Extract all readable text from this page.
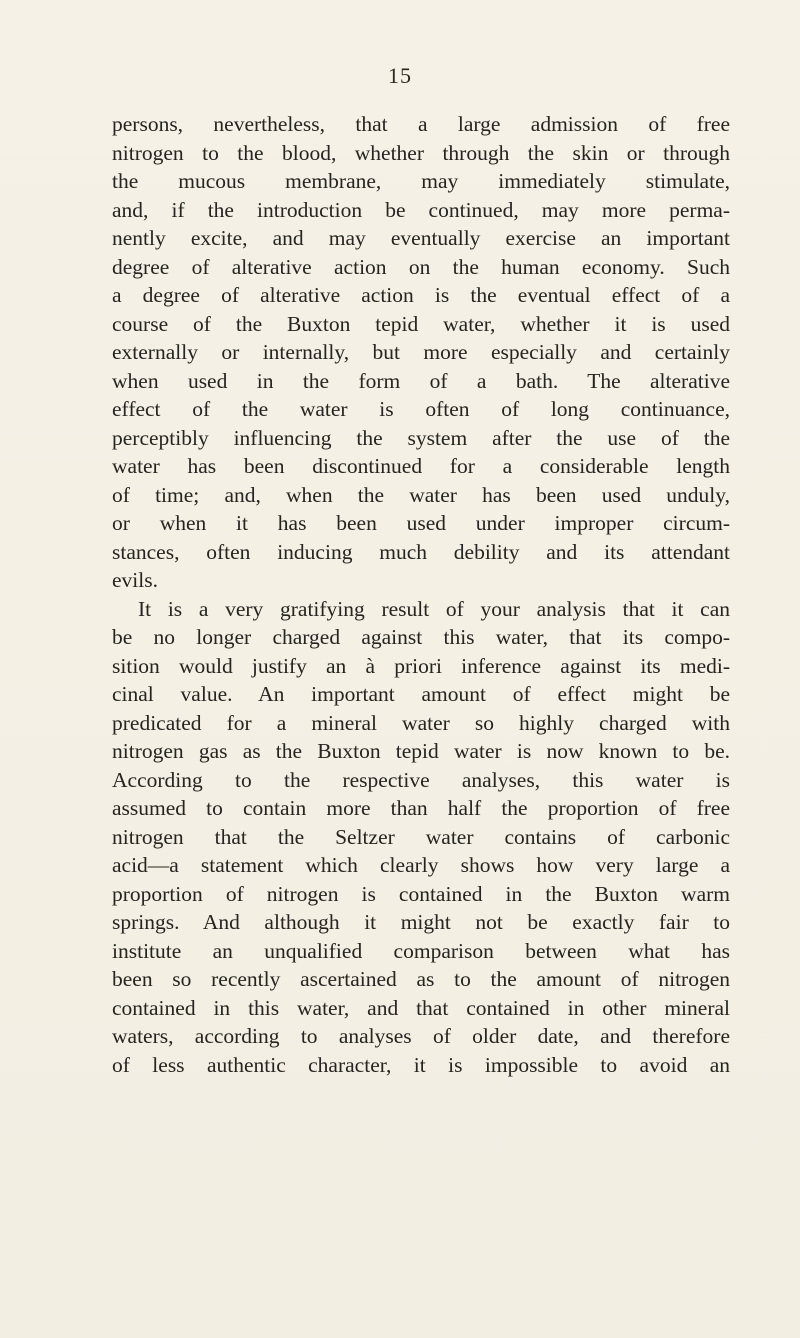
15
persons, nevertheless, that a large admission of free
nitrogen to the blood, whether through the skin or through
the mucous membrane, may immediately stimulate,
and, if the introduction be continued, may more perma-
nently excite, and may eventually exercise an important
degree of alterative action on the human economy. Such
a degree of alterative action is the eventual effect of a
course of the Buxton tepid water, whether it is used
externally or internally, but more especially and certainly
when used in the form of a bath. The alterative
effect of the water is often of long continuance,
perceptibly influencing the system after the use of the
water has been discontinued for a considerable length
of time; and, when the water has been used unduly,
or when it has been used under improper circum-
stances, often inducing much debility and its attendant
evils.
It is a very gratifying result of your analysis that it can
be no longer charged against this water, that its compo-
sition would justify an à priori inference against its medi-
cinal value. An important amount of effect might be
predicated for a mineral water so highly charged with
nitrogen gas as the Buxton tepid water is now known to be.
According to the respective analyses, this water is
assumed to contain more than half the proportion of free
nitrogen that the Seltzer water contains of carbonic
acid—a statement which clearly shows how very large a
proportion of nitrogen is contained in the Buxton warm
springs. And although it might not be exactly fair to
institute an unqualified comparison between what has
been so recently ascertained as to the amount of nitrogen
contained in this water, and that contained in other mineral
waters, according to analyses of older date, and therefore
of less authentic character, it is impossible to avoid an
